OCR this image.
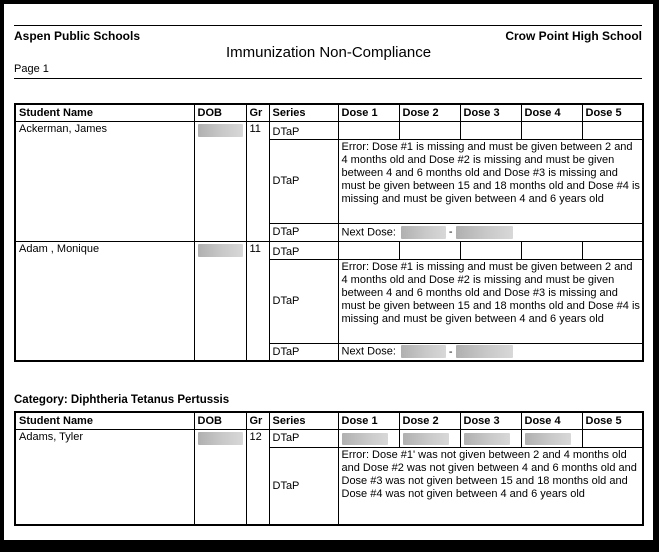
Aspen Public Schools	Crow Point High School
Immunization Non-Compliance
Page 1
Student Name	DOB	Gr	Series	Dose 1	Dose 2	Dose 3	Dose 4	Dose 5
Ackerman, James		11	DTaP					
			DTaP	Error: Dose #1 is missing and must be given between 2 and 4 months old and Dose #2 is missing and must be given between 4 and 6 months old and Dose #3 is missing and must be given between 15 and 18 months old and Dose #4 is missing and must be given between 4 and 6 years old				
			DTaP	Next Dose: -				
Adam , Monique		11	DTaP					
			DTaP	Error: Dose #1 is missing and must be given between 2 and 4 months old and Dose #2 is missing and must be given between 4 and 6 months old and Dose #3 is missing and must be given between 15 and 18 months old and Dose #4 is missing and must be given between 4 and 6 years old				
			DTaP	Next Dose: -				
Category: Diphtheria Tetanus Pertussis
Student Name	DOB	Gr	Series	Dose 1	Dose 2	Dose 3	Dose 4	Dose 5
Adams, Tyler		12	DTaP					
			DTaP	Error: Dose #1' was not given between 2 and 4 months old and Dose #2 was not given between 4 and 6 months old and Dose #3 was not given between 15 and 18 months old and Dose #4 was not given between 4 and 6 years old				
